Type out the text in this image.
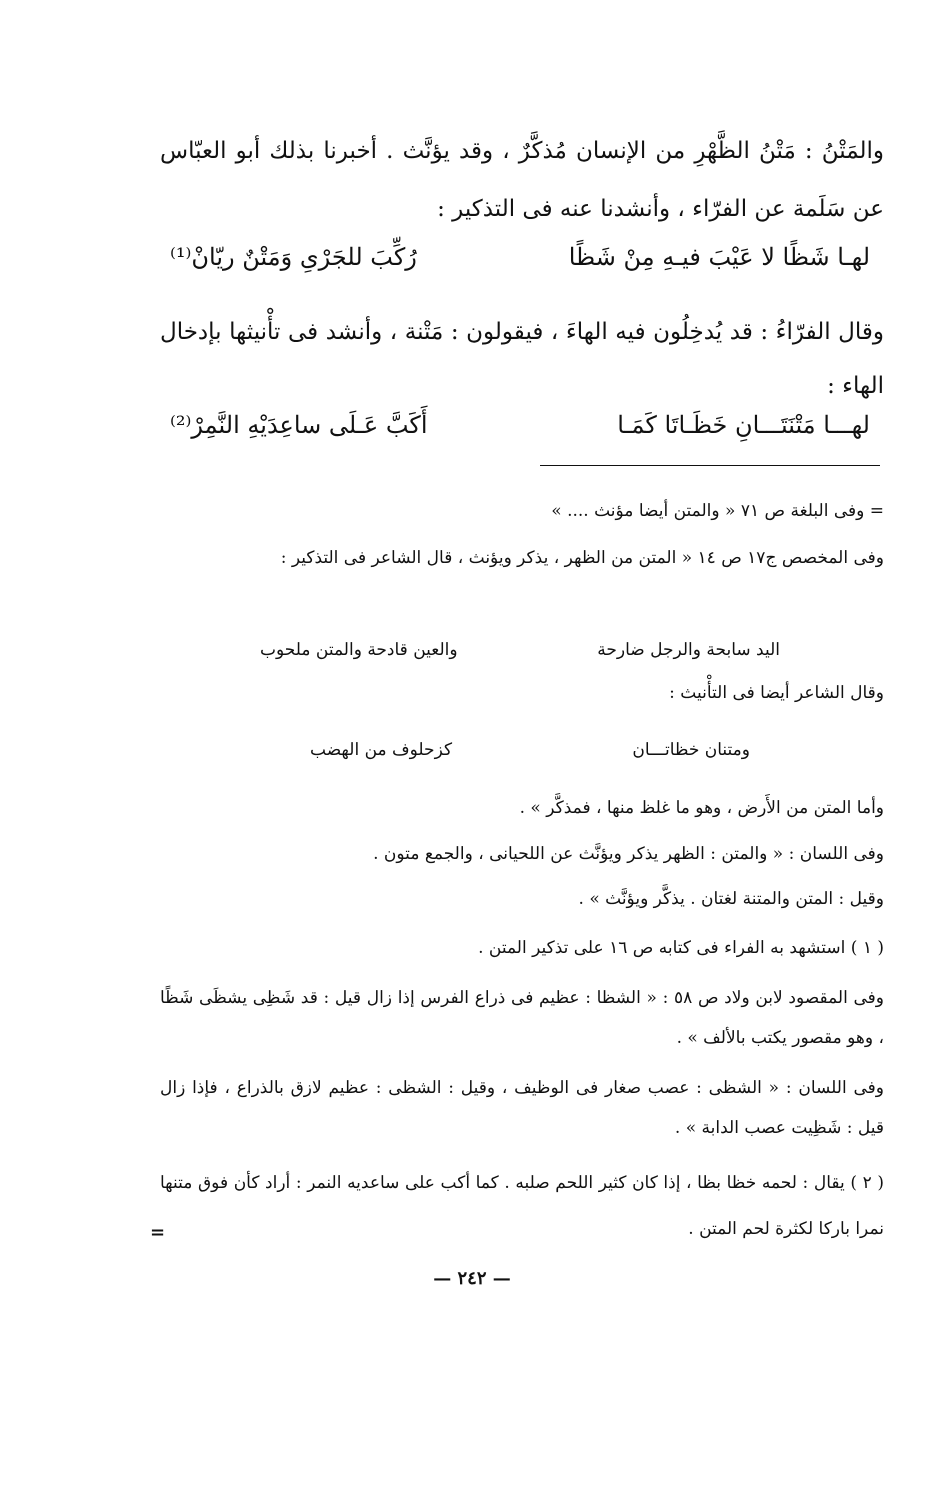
والمَتْنُ : مَتْنُ الظَّهْرِ من الإنسان مُذكَّرٌ ، وقد يؤنَّث . أخبرنا بذلك أبو العبّاس عن سَلَمة عن الفرّاء ، وأنشدنا عنه فى التذكير :
لهـا شَظًا لا عَيْبَ فيـهِ مِنْ شَظًا
رُكِّبَ للجَرْىِ وَمَتْنٌ ريّانْ⁽¹⁾
وقال الفرّاءُ : قد يُدخِلُون فيه الهاءَ ، فيقولون : مَتْنة ، وأنشد فى تأْنيثها بإدخال الهاء :
لهـــا مَتْنَتَـــانِ خَظَـاتَا كَمَـا
أَكَبَّ عَـلَى ساعِدَيْهِ النَّمِرْ⁽²⁾
= وفى البلغة ص ٧١ « والمتن أيضا مؤنث .... »
وفى المخصص ج١٧ ص ١٤ « المتن من الظهر ، يذكر ويؤنث ، قال الشاعر فى التذكير :
اليد سابحة والرجل ضارحة
والعين قادحة والمتن ملحوب
وقال الشاعر أيضا فى التأْنيث :
ومتنان خظاتـــان
كزحلوف من الهضب
وأما المتن من الأَرض ، وهو ما غلظ منها ، فمذكَّر » .
وفى اللسان : « والمتن : الظهر يذكر ويؤنَّث عن اللحيانى ، والجمع متون .
وقيل : المتن والمتنة لغتان . يذكَّر ويؤنَّث » .
( ١ ) استشهد به الفراء فى كتابه ص ١٦ على تذكير المتن .
وفى المقصود لابن ولاد ص ٥٨ : « الشظا : عظيم فى ذراع الفرس إذا زال قيل : قد شَظِى يشظَى شَظًا ، وهو مقصور يكتب بالألف » .
وفى اللسان : « الشظى : عصب صغار فى الوظيف ، وقيل : الشظى : عظيم لازق بالذراع ، فإذا زال قيل : شَظِيت عصب الدابة » .
( ٢ ) يقال : لحمه خظا بظا ، إذا كان كثير اللحم صلبه . كما أكب على ساعديه النمر : أراد كأن فوق متنها نمرا باركا لكثرة لحم المتن .
=
— ٢٤٢ —
